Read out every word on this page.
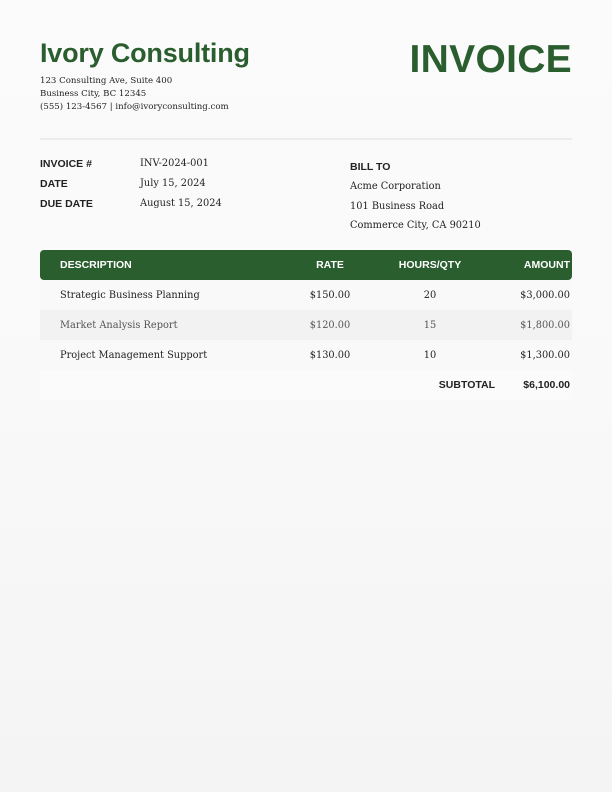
Ivory Consulting
123 Consulting Ave, Suite 400
Business City, BC 12345
(555) 123-4567 | info@ivoryconsulting.com
INVOICE
INVOICE #	INV-2024-001
DATE	July 15, 2024
DUE DATE	August 15, 2024
BILL TO
Acme Corporation
101 Business Road
Commerce City, CA 90210
DESCRIPTION	RATE	HOURS/QTY	AMOUNT
Strategic Business Planning	$150.00	20	$3,000.00
Market Analysis Report	$120.00	15	$1,800.00
Project Management Support	$130.00	10	$1,300.00
SUBTOTAL	$6,100.00
